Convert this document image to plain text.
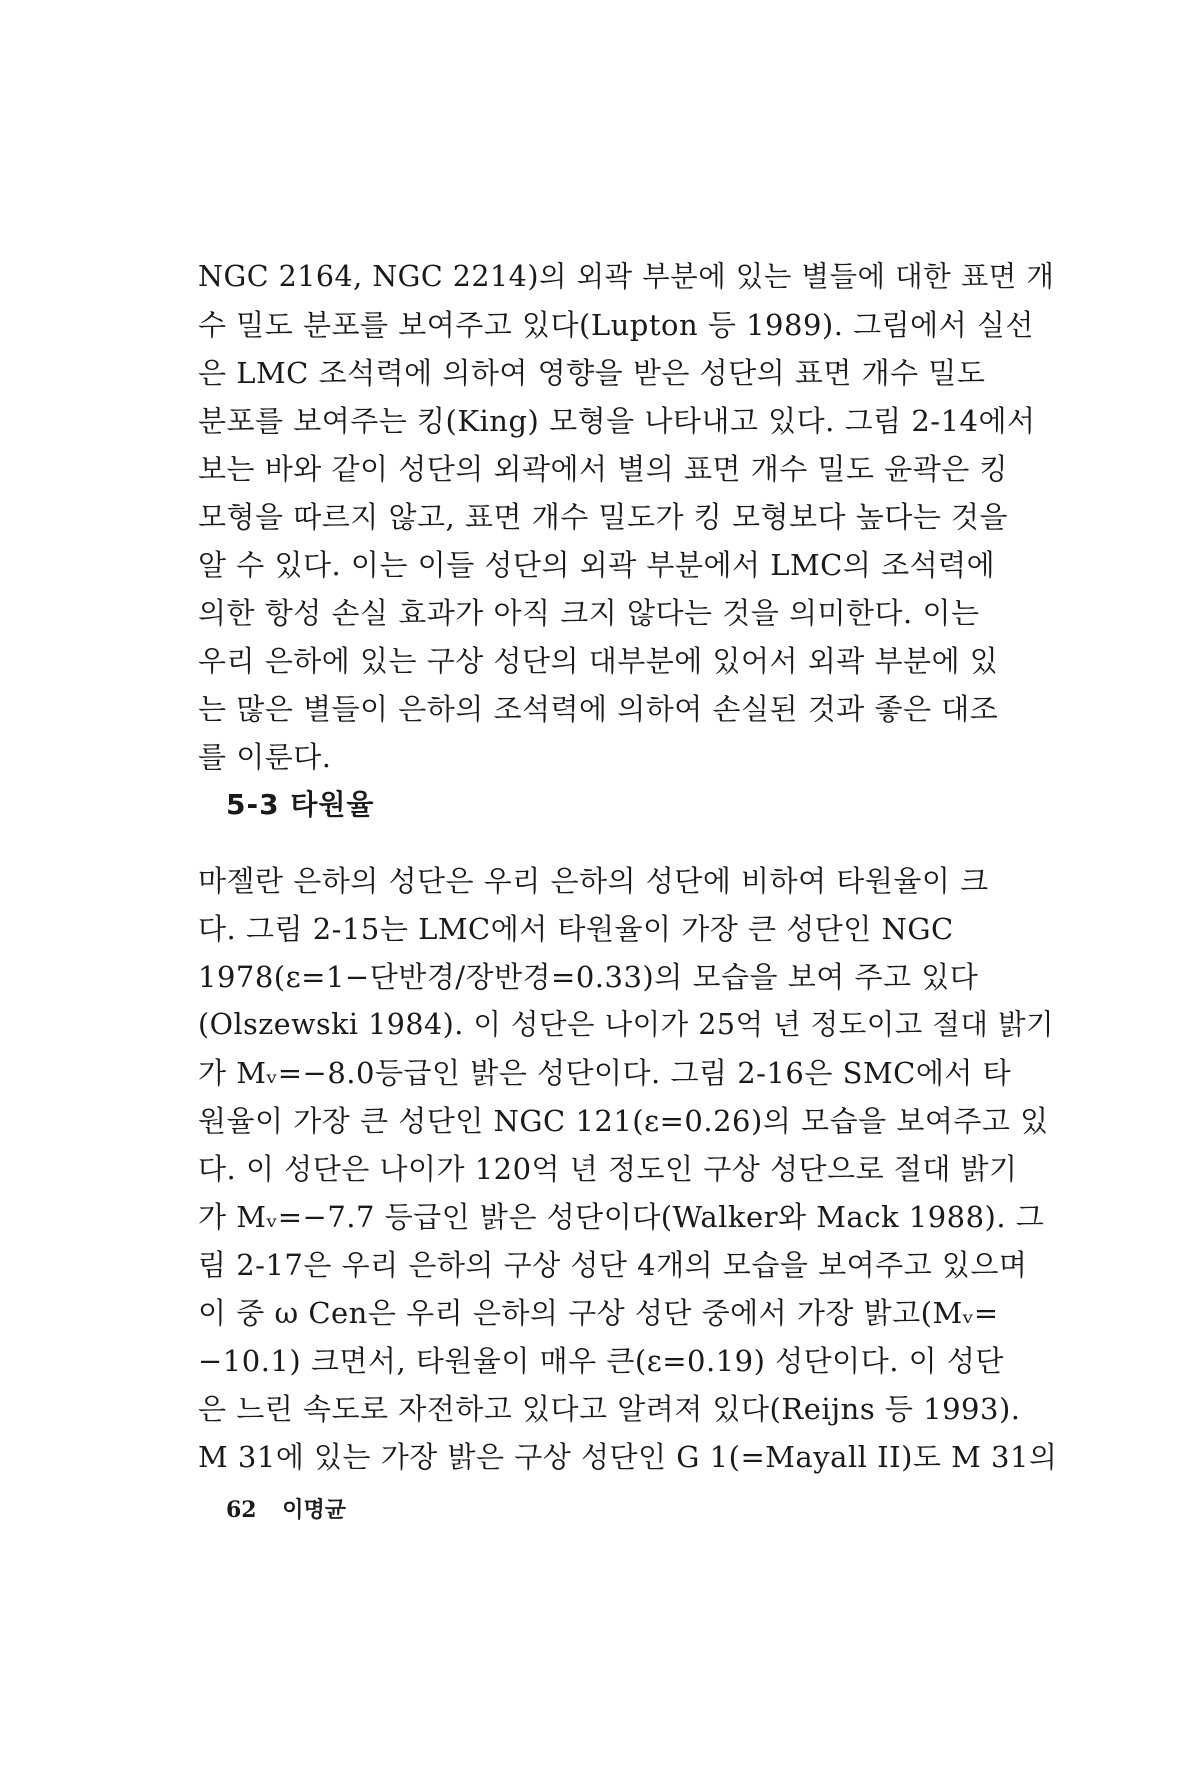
NGC 2164, NGC 2214)의 외곽 부분에 있는 별들에 대한 표면 개
수 밀도 분포를 보여주고 있다(Lupton 등 1989). 그림에서 실선
은 LMC 조석력에 의하여 영향을 받은 성단의 표면 개수 밀도
분포를 보여주는 킹(King) 모형을 나타내고 있다. 그림 2-14에서
보는 바와 같이 성단의 외곽에서 별의 표면 개수 밀도 윤곽은 킹
모형을 따르지 않고, 표면 개수 밀도가 킹 모형보다 높다는 것을
알 수 있다. 이는 이들 성단의 외곽 부분에서 LMC의 조석력에
의한 항성 손실 효과가 아직 크지 않다는 것을 의미한다. 이는
우리 은하에 있는 구상 성단의 대부분에 있어서 외곽 부분에 있
는 많은 별들이 은하의 조석력에 의하여 손실된 것과 좋은 대조
를 이룬다.
5-3 타원율
마젤란 은하의 성단은 우리 은하의 성단에 비하여 타원율이 크
다. 그림 2-15는 LMC에서 타원율이 가장 큰 성단인 NGC
1978(ε=1−단반경/장반경=0.33)의 모습을 보여 주고 있다
(Olszewski 1984). 이 성단은 나이가 25억 년 정도이고 절대 밝기
가 Mᵥ=−8.0등급인 밝은 성단이다. 그림 2-16은 SMC에서 타
원율이 가장 큰 성단인 NGC 121(ε=0.26)의 모습을 보여주고 있
다. 이 성단은 나이가 120억 년 정도인 구상 성단으로 절대 밝기
가 Mᵥ=−7.7 등급인 밝은 성단이다(Walker와 Mack 1988). 그
림 2-17은 우리 은하의 구상 성단 4개의 모습을 보여주고 있으며
이 중 ω Cen은 우리 은하의 구상 성단 중에서 가장 밝고(Mᵥ=
−10.1) 크면서, 타원율이 매우 큰(ε=0.19) 성단이다. 이 성단
은 느린 속도로 자전하고 있다고 알려져 있다(Reijns 등 1993).
M 31에 있는 가장 밝은 구상 성단인 G 1(=Mayall II)도 M 31의
62 이명균
